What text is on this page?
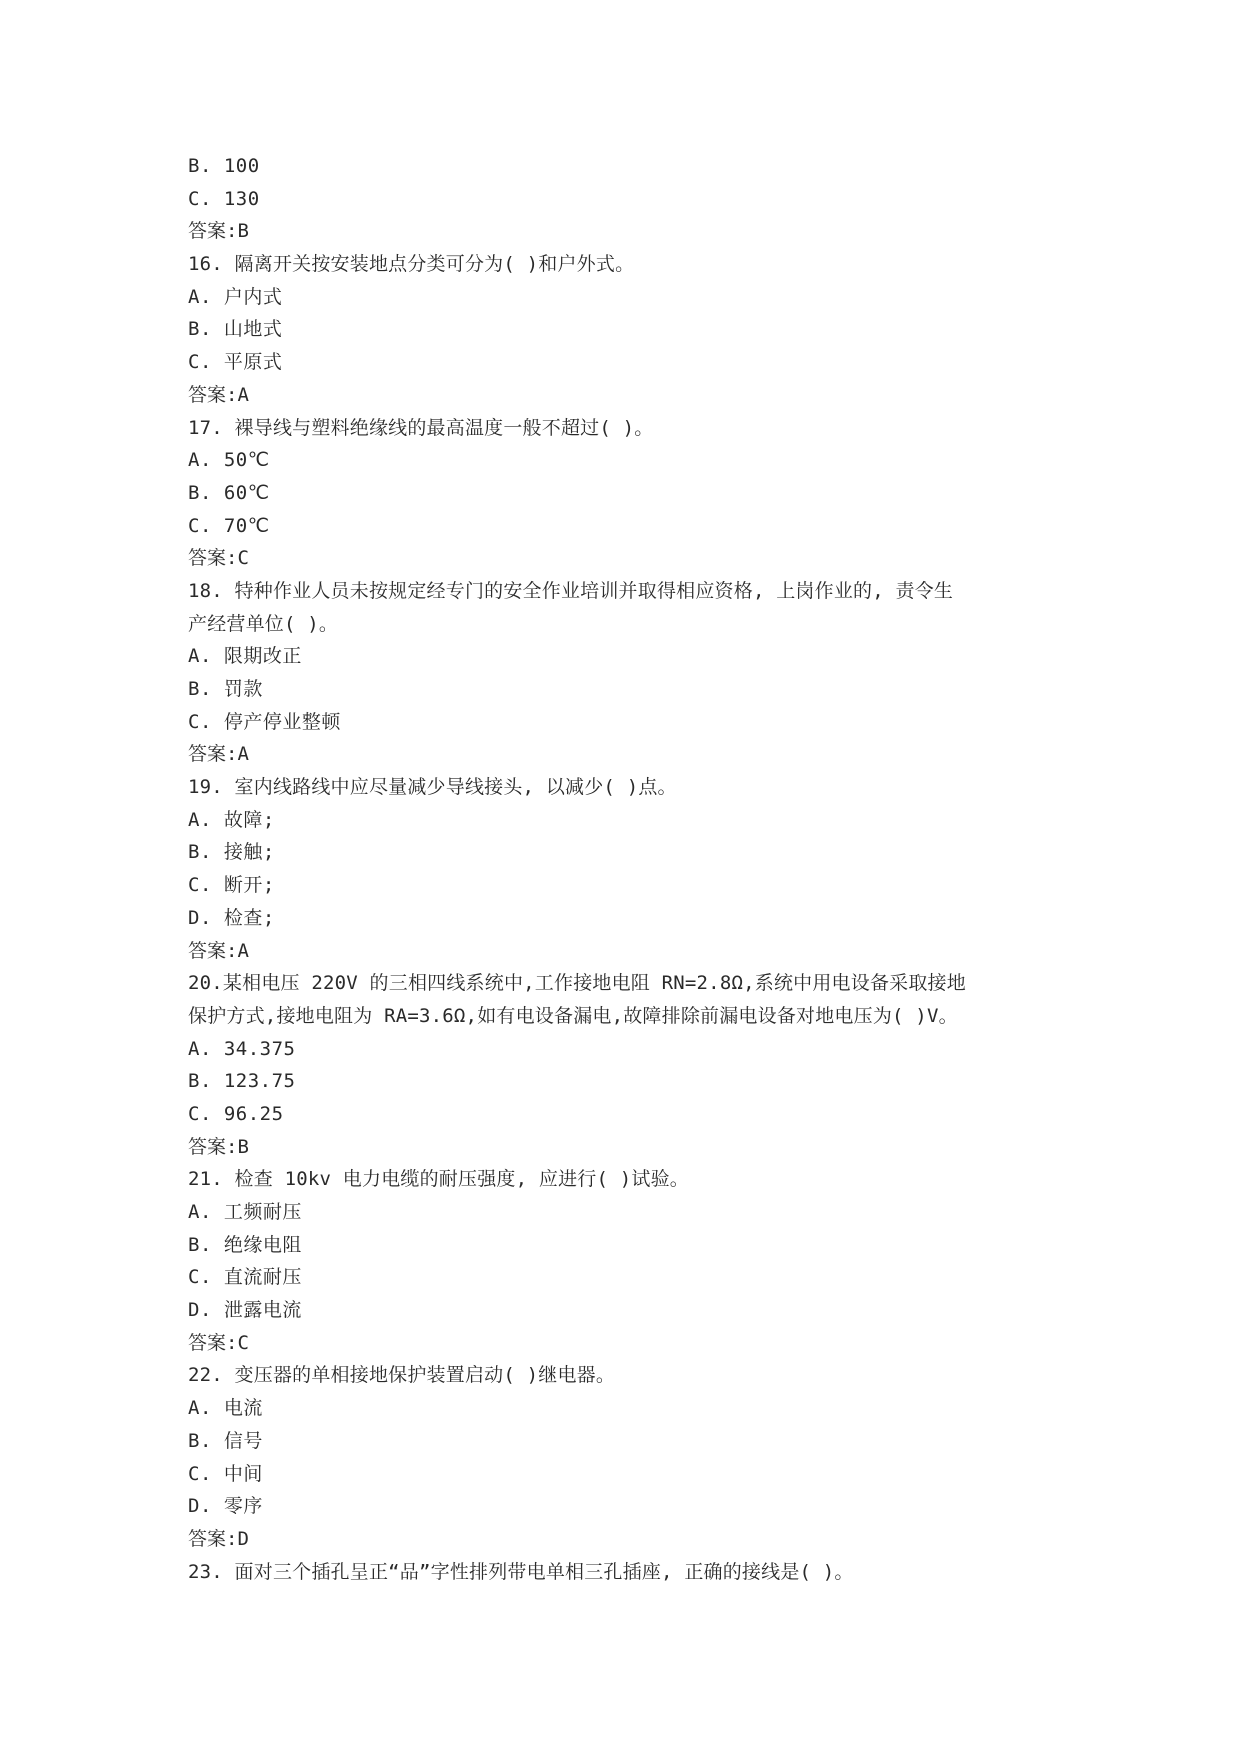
B. 100
C. 130
答案:B
16. 隔离开关按安装地点分类可分为( )和户外式。
A. 户内式
B. 山地式
C. 平原式
答案:A
17. 裸导线与塑料绝缘线的最高温度一般不超过( )。
A. 50℃
B. 60℃
C. 70℃
答案:C
18. 特种作业人员未按规定经专门的安全作业培训并取得相应资格, 上岗作业的, 责令生
产经营单位( )。
A. 限期改正
B. 罚款
C. 停产停业整顿
答案:A
19. 室内线路线中应尽量减少导线接头, 以减少( )点。
A. 故障;
B. 接触;
C. 断开;
D. 检查;
答案:A
20.某相电压 220V 的三相四线系统中,工作接地电阻 RN=2.8Ω,系统中用电设备采取接地
保护方式,接地电阻为 RA=3.6Ω,如有电设备漏电,故障排除前漏电设备对地电压为( )V。
A. 34.375
B. 123.75
C. 96.25
答案:B
21. 检查 10kv 电力电缆的耐压强度, 应进行( )试验。
A. 工频耐压
B. 绝缘电阻
C. 直流耐压
D. 泄露电流
答案:C
22. 变压器的单相接地保护装置启动( )继电器。
A. 电流
B. 信号
C. 中间
D. 零序
答案:D
23. 面对三个插孔呈正“品”字性排列带电单相三孔插座, 正确的接线是( )。
